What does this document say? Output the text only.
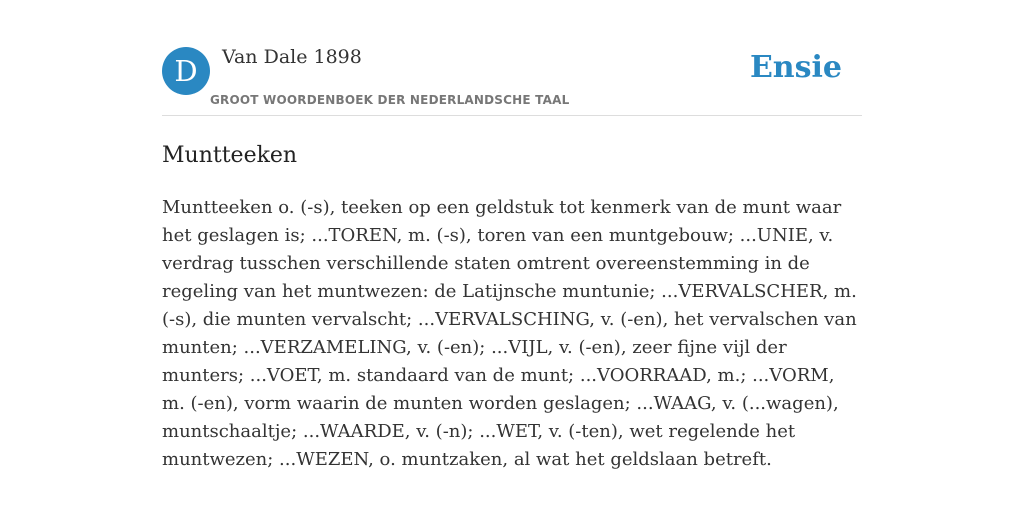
D	Van Dale 1898
GROOT WOORDENBOEK DER NEDERLANDSCHE TAAL
Ensie
Muntteeken

Muntteeken o. (-s), teeken op een geldstuk tot kenmerk van de munt waar het geslagen is; ...TOREN, m. (-s), toren van een muntgebouw; ...UNIE, v. verdrag tusschen verschillende staten omtrent overeenstemming in de regeling van het muntwezen: de Latijnsche muntunie; ...VERVALSCHER, m. (-s), die munten vervalscht; ...VERVALSCHING, v. (-en), het vervalschen van munten; ...VERZAMELING, v. (-en); ...VIJL, v. (-en), zeer fijne vijl der munters; ...VOET, m. standaard van de munt; ...VOORRAAD, m.; ...VORM, m. (-en), vorm waarin de munten worden geslagen; ...WAAG, v. (...wagen), muntschaaltje; ...WAARDE, v. (-n); ...WET, v. (-ten), wet regelende het muntwezen; ...WEZEN, o. muntzaken, al wat het geldslaan betreft.
